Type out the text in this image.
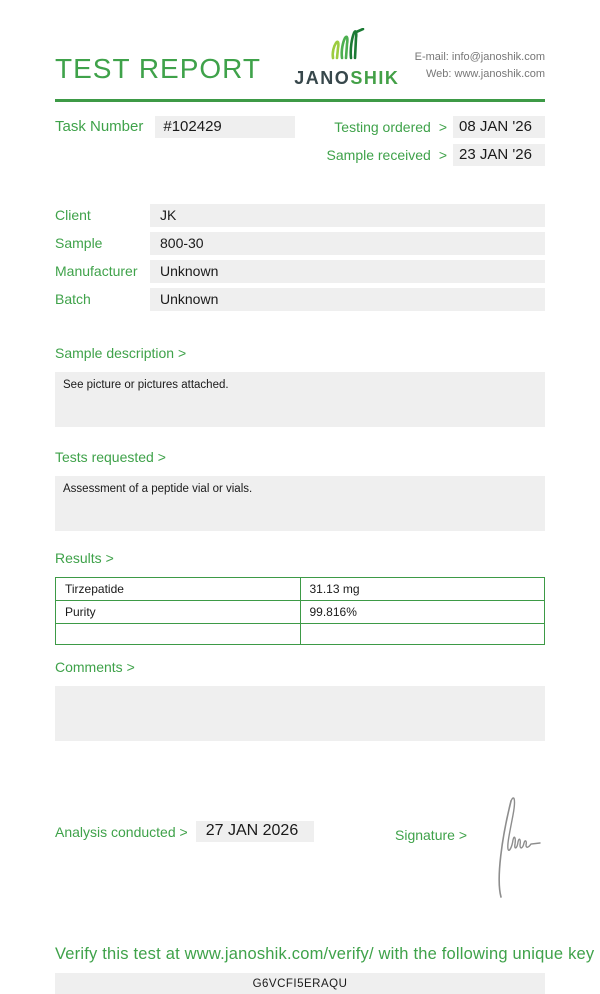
TEST REPORT JANOSHIK
E-mail: info@janoshik.com
Web: www.janoshik.com
Task Number	#102429	Testing ordered > 08 JAN '26
Sample received > 23 JAN '26
Client	JK
Sample	800-30
Manufacturer	Unknown
Batch	Unknown
Sample description >
See picture or pictures attached.
Tests requested >
Assessment of a peptide vial or vials.
Results >
Tirzepatide	31.13 mg
Purity	99.816%

Comments >
Analysis conducted >	27 JAN 2026	Signature >
Verify this test at www.janoshik.com/verify/ with the following unique key
G6VCFI5ERAQU
